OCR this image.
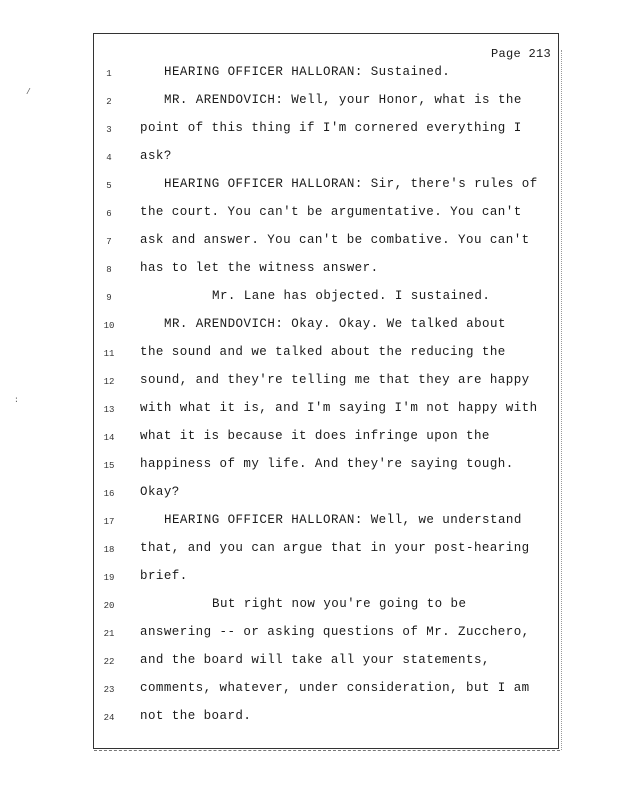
/
:
Page 213
1	HEARING OFFICER HALLORAN: Sustained.
2	MR. ARENDOVICH: Well, your Honor, what is the
3	point of this thing if I'm cornered everything I
4	ask?
5	HEARING OFFICER HALLORAN: Sir, there's rules of
6	the court. You can't be argumentative. You can't
7	ask and answer. You can't be combative. You can't
8	has to let the witness answer.
9	Mr. Lane has objected. I sustained.
10	MR. ARENDOVICH: Okay. Okay. We talked about
11	the sound and we talked about the reducing the
12	sound, and they're telling me that they are happy
13	with what it is, and I'm saying I'm not happy with
14	what it is because it does infringe upon the
15	happiness of my life. And they're saying tough.
16	Okay?
17	HEARING OFFICER HALLORAN: Well, we understand
18	that, and you can argue that in your post-hearing
19	brief.
20	But right now you're going to be
21	answering -- or asking questions of Mr. Zucchero,
22	and the board will take all your statements,
23	comments, whatever, under consideration, but I am
24	not the board.
